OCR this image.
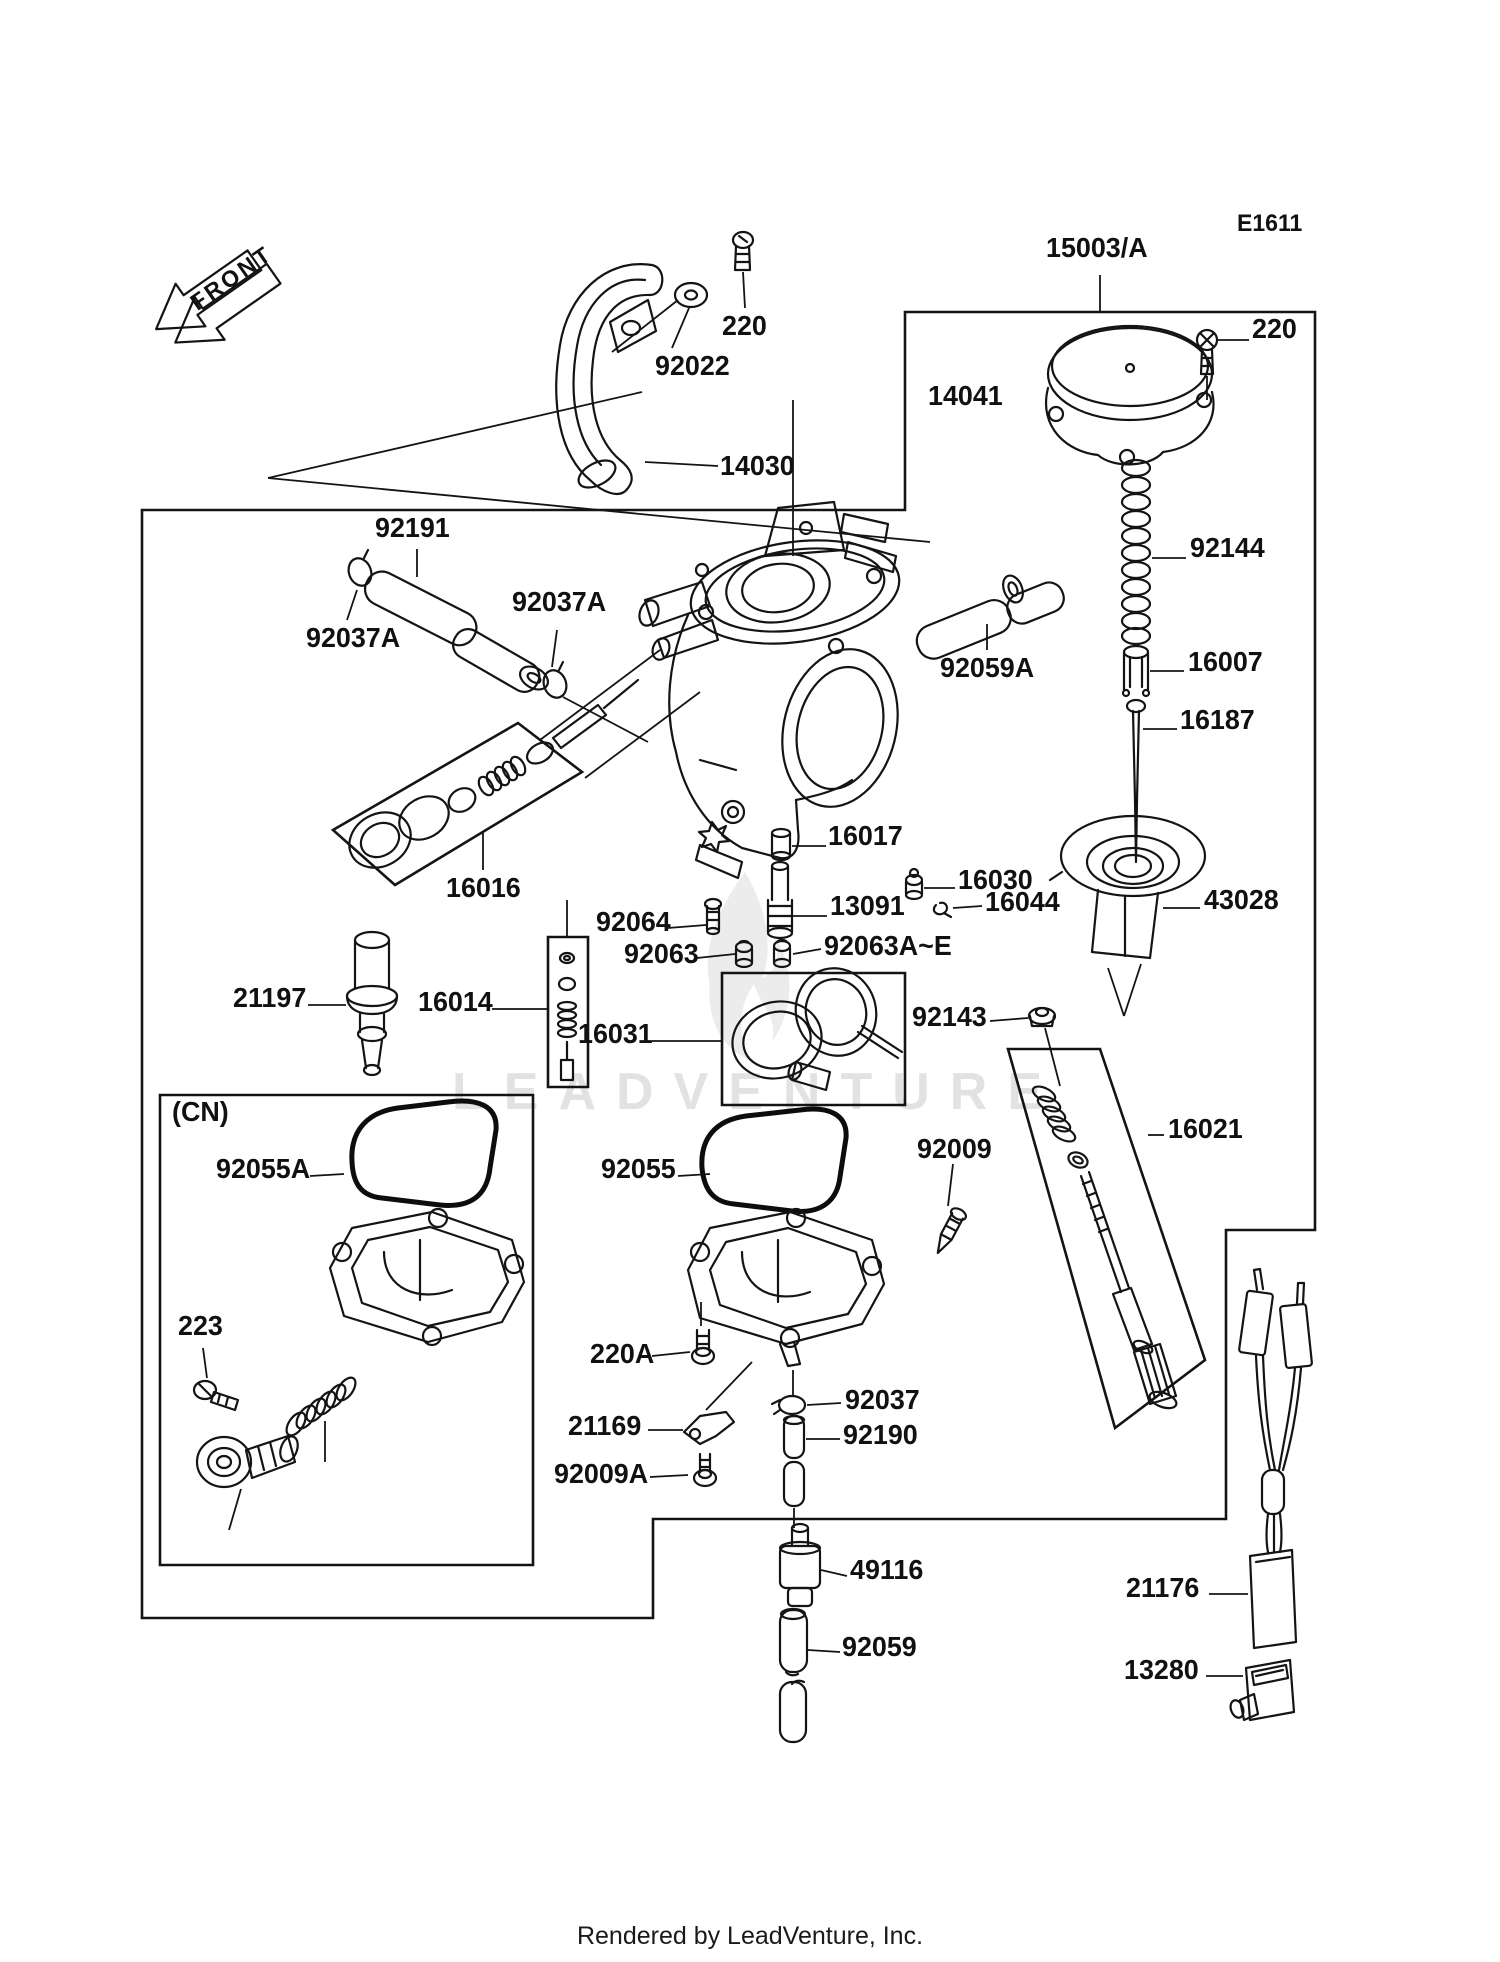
LEADVENTURE
FRONT
Rendered by LeadVenture, Inc.
E1611
15003/A
220
14041
220
92022
14030
92191
92037A
92037A
92059A
92144
16007
16187
16016
16017
13091
16030
16044	43028
92064
92063	92063A~E
21197	16014
16031
92143
16021
(CN)
92055A	92055
92009
223
220A
21169
92009A
92037
92190
49116
92059
21176
13280
